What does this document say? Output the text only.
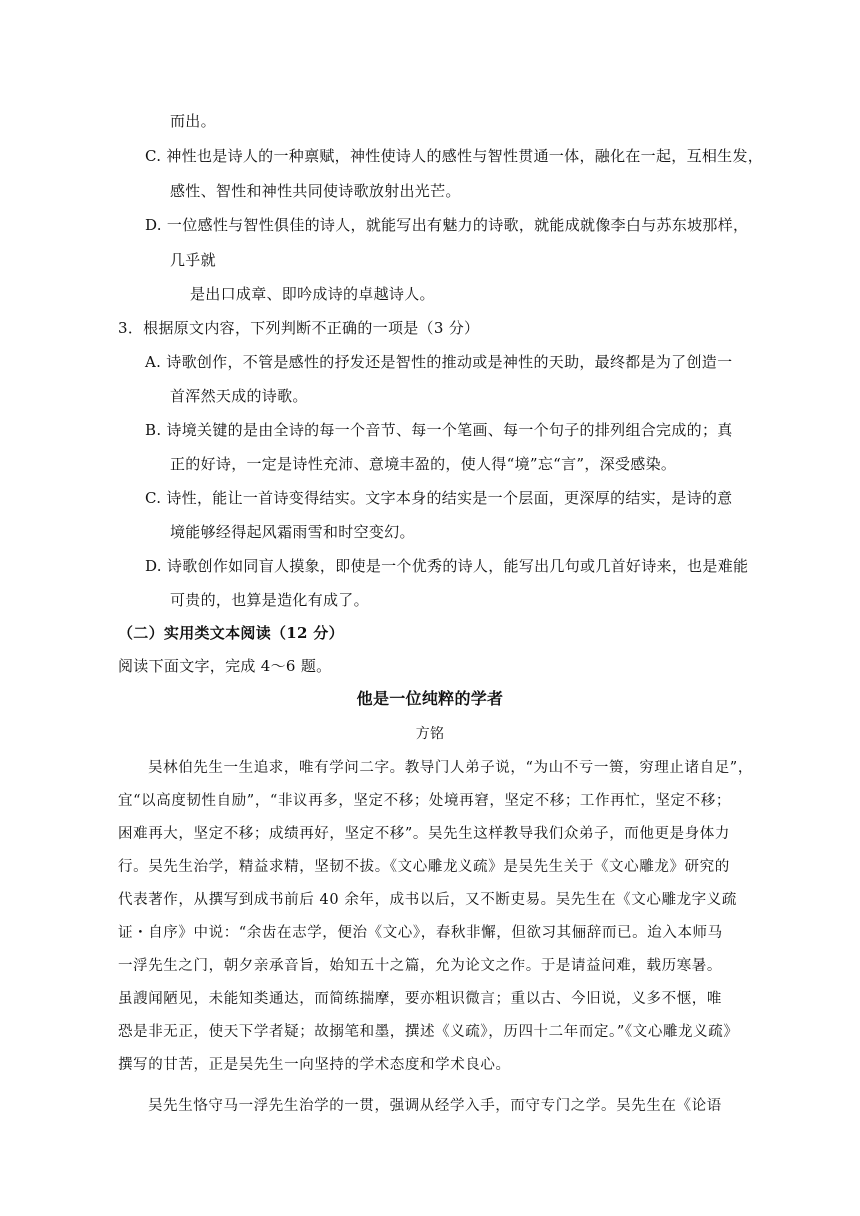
而出。
C. 神性也是诗人的一种禀赋，神性使诗人的感性与智性贯通一体，融化在一起，互相生发，
感性、智性和神性共同使诗歌放射出光芒。
D. 一位感性与智性俱佳的诗人，就能写出有魅力的诗歌，就能成就像李白与苏东坡那样，
几乎就
是出口成章、即吟成诗的卓越诗人。
3．根据原文内容，下列判断不正确的一项是（3 分）
A. 诗歌创作，不管是感性的抒发还是智性的推动或是神性的天助，最终都是为了创造一
首浑然天成的诗歌。
B. 诗境关键的是由全诗的每一个音节、每一个笔画、每一个句子的排列组合完成的；真
正的好诗，一定是诗性充沛、意境丰盈的，使人得“境”忘“言”，深受感染。
C. 诗性，能让一首诗变得结实。文字本身的结实是一个层面，更深厚的结实，是诗的意
境能够经得起风霜雨雪和时空变幻。
D. 诗歌创作如同盲人摸象，即使是一个优秀的诗人，能写出几句或几首好诗来，也是难能
可贵的，也算是造化有成了。
（二）实用类文本阅读（12 分）
阅读下面文字，完成 4～6 题。
他是一位纯粹的学者
方铭
吴林伯先生一生追求，唯有学问二字。教导门人弟子说，“为山不亏一篑，穷理止诸自足”，
宜“以高度韧性自励”，“非议再多，坚定不移；处境再窘，坚定不移；工作再忙，坚定不移；
困难再大，坚定不移；成绩再好，坚定不移”。吴先生这样教导我们众弟子，而他更是身体力
行。吴先生治学，精益求精，坚韧不拔。《文心雕龙义疏》是吴先生关于《文心雕龙》研究的
代表著作，从撰写到成书前后 40 余年，成书以后，又不断吏易。吴先生在《文心雕龙字义疏
证・自序》中说：“余齿在志学，便治《文心》，春秋非懈，但欲习其俪辞而已。迨入本师马
一浮先生之门，朝夕亲承音旨，始知五十之篇，允为论文之作。于是请益问难，载历寒暑。
虽謏闻陋见，未能知类通达，而简练揣摩，要亦粗识微言；重以古、今旧说，义多不惬，唯
恐是非无正，使天下学者疑；故搦笔和墨，撰述《义疏》，历四十二年而定。”《文心雕龙义疏》
撰写的甘苦，正是吴先生一向坚持的学术态度和学术良心。
吴先生恪守马一浮先生治学的一贯，强调从经学入手，而守专门之学。吴先生在《论语
